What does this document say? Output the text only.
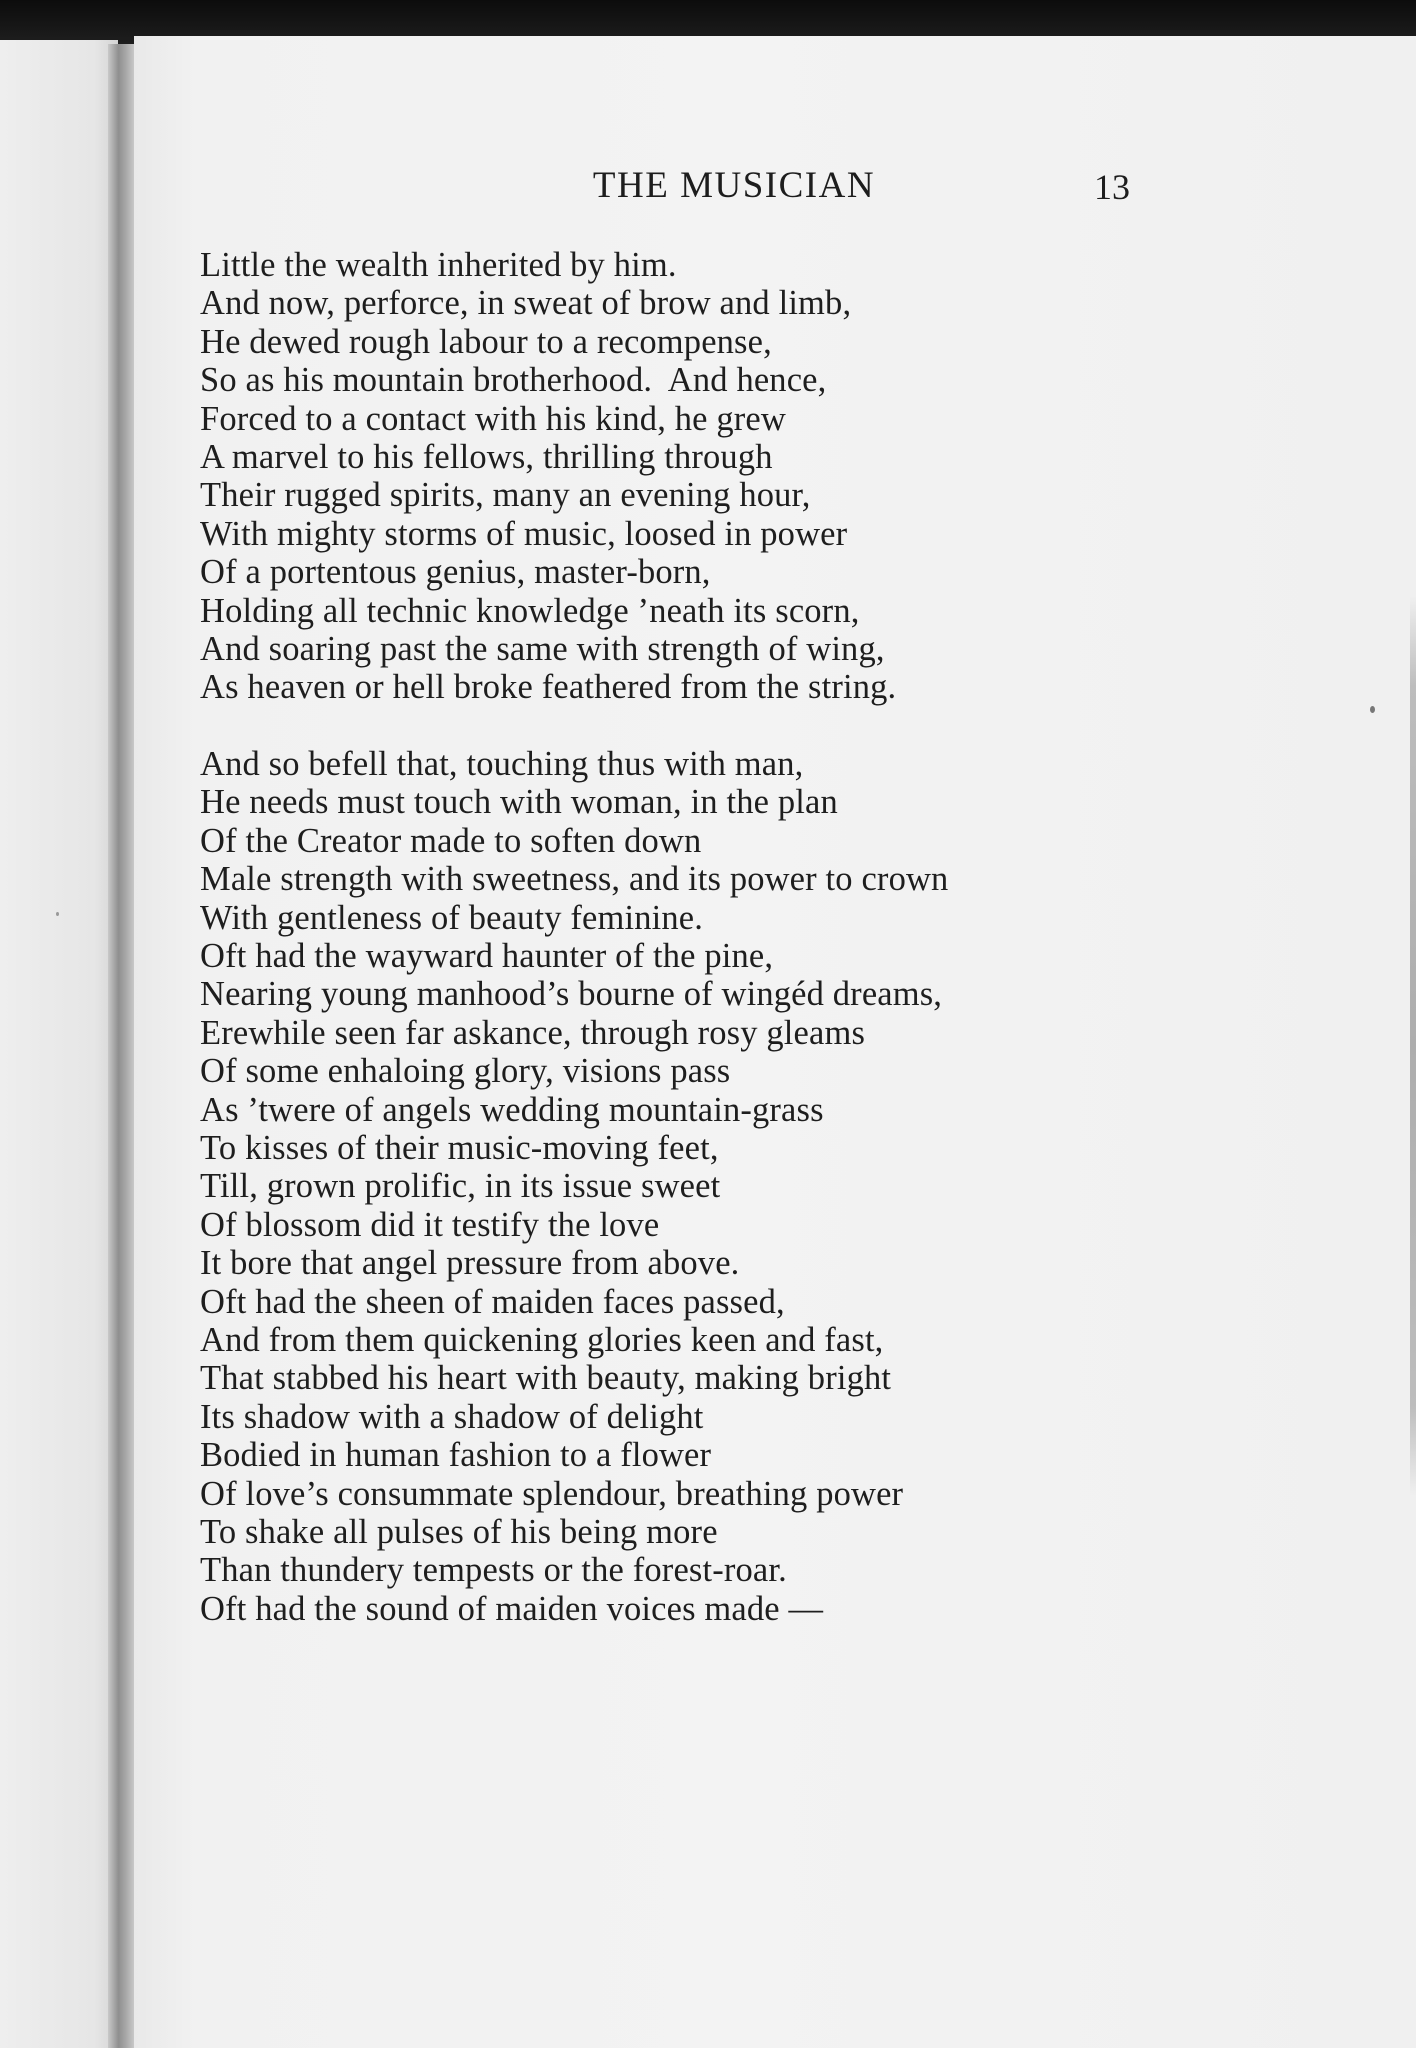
THE MUSICIAN	13
Little the wealth inherited by him.
And now, perforce, in sweat of brow and limb,
He dewed rough labour to a recompense,
So as his mountain brotherhood.  And hence,
Forced to a contact with his kind, he grew
A marvel to his fellows, thrilling through
Their rugged spirits, many an evening hour,
With mighty storms of music, loosed in power
Of a portentous genius, master-born,
Holding all technic knowledge ’neath its scorn,
And soaring past the same with strength of wing,
As heaven or hell broke feathered from the string.
And so befell that, touching thus with man,
He needs must touch with woman, in the plan
Of the Creator made to soften down
Male strength with sweetness, and its power to crown
With gentleness of beauty feminine.
Oft had the wayward haunter of the pine,
Nearing young manhood’s bourne of wingéd dreams,
Erewhile seen far askance, through rosy gleams
Of some enhaloing glory, visions pass
As ’twere of angels wedding mountain-grass
To kisses of their music-moving feet,
Till, grown prolific, in its issue sweet
Of blossom did it testify the love
It bore that angel pressure from above.
Oft had the sheen of maiden faces passed,
And from them quickening glories keen and fast,
That stabbed his heart with beauty, making bright
Its shadow with a shadow of delight
Bodied in human fashion to a flower
Of love’s consummate splendour, breathing power
To shake all pulses of his being more
Than thundery tempests or the forest-roar.
Oft had the sound of maiden voices made —
